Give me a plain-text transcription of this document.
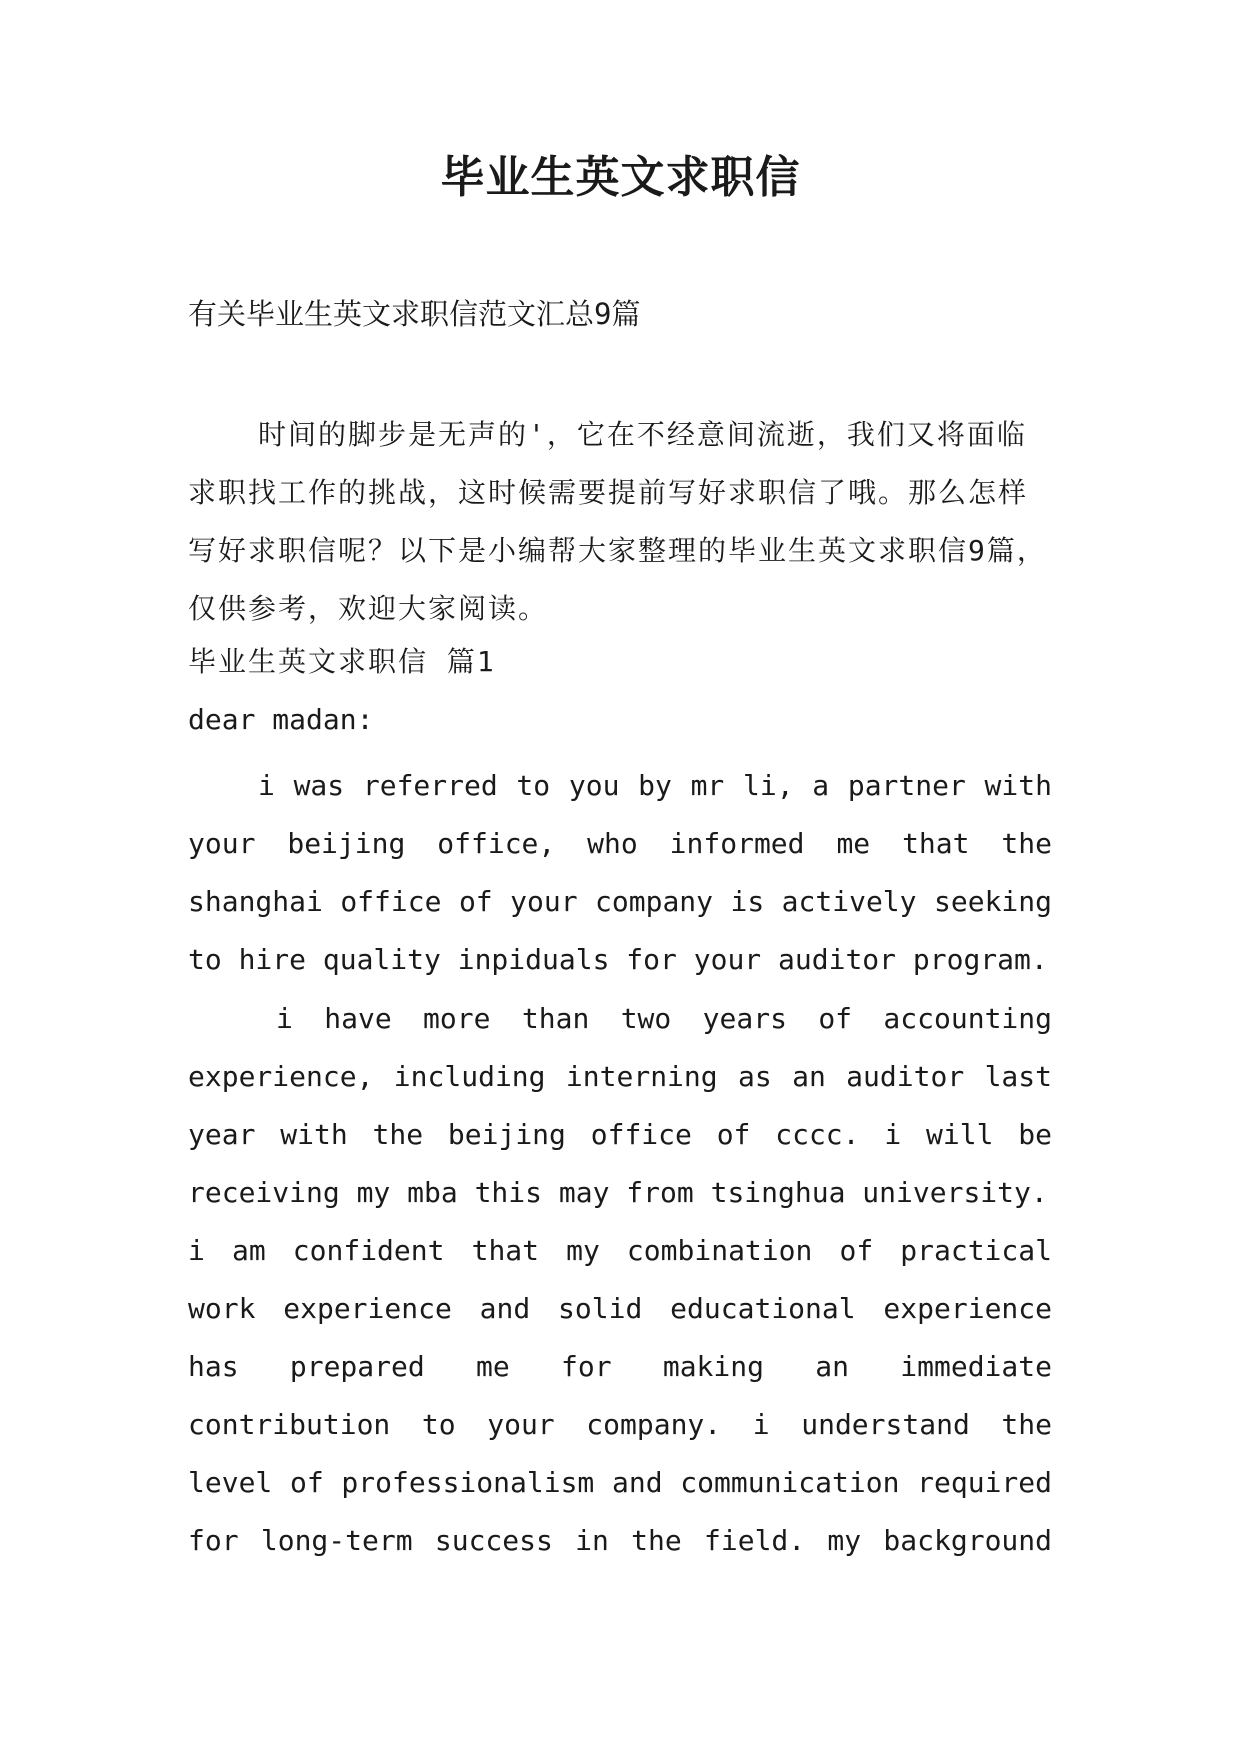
毕业生英文求职信

有关毕业生英文求职信范文汇总9篇

时间的脚步是无声的'，它在不经意间流逝，我们又将面临求职找工作的挑战，这时候需要提前写好求职信了哦。那么怎样写好求职信呢？以下是小编帮大家整理的毕业生英文求职信9篇，仅供参考，欢迎大家阅读。

毕业生英文求职信 篇1

dear madan:

i was referred to you by mr li, a partner with your beijing office, who informed me that the shanghai office of your company is actively seeking to hire quality inpiduals for your auditor program.

i have more than two years of accounting experience, including interning as an auditor last year with the beijing office of cccc. i will be receiving my mba this may from tsinghua university.

i am confident that my combination of practical work experience and solid educational experience has prepared me for making an immediate contribution to your company. i understand the level of professionalism and communication required for long-term success in the field. my background
